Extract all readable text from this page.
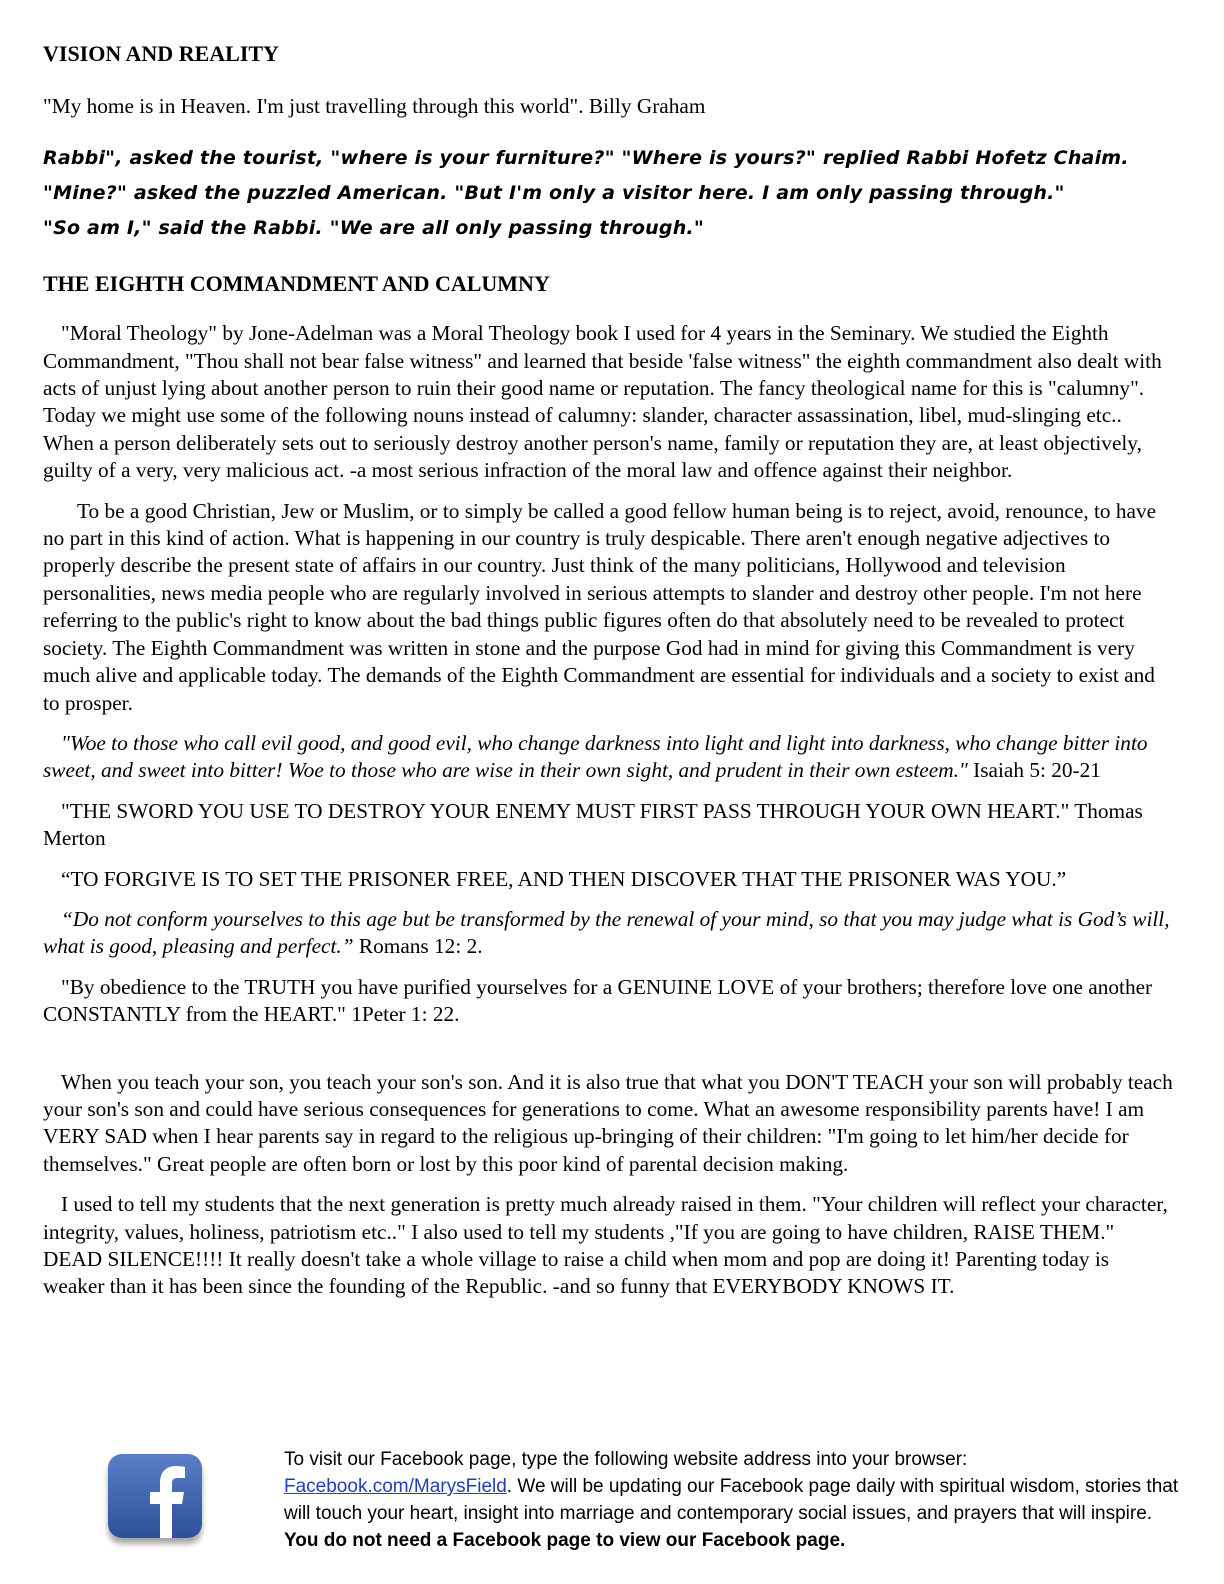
VISION AND REALITY

"My home is in Heaven. I'm just travelling through this world". Billy Graham

Rabbi", asked the tourist, "where is your furniture?" "Where is yours?" replied Rabbi Hofetz Chaim.
"Mine?" asked the puzzled American. "But I'm only a visitor here. I am only passing through."
"So am I," said the Rabbi. "We are all only passing through."
THE EIGHTH COMMANDMENT AND CALUMNY

"Moral Theology" by Jone-Adelman was a Moral Theology book I used for 4 years in the Seminary. We studied the Eighth Commandment, "Thou shall not bear false witness" and learned that beside 'false witness" the eighth commandment also dealt with acts of unjust lying about another person to ruin their good name or reputation. The fancy theological name for this is "calumny". Today we might use some of the following nouns instead of calumny: slander, character assassination, libel, mud-slinging etc.. When a person deliberately sets out to seriously destroy another person's name, family or reputation they are, at least objectively, guilty of a very, very malicious act. -a most serious infraction of the moral law and offence against their neighbor.

To be a good Christian, Jew or Muslim, or to simply be called a good fellow human being is to reject, avoid, renounce, to have no part in this kind of action. What is happening in our country is truly despicable. There aren't enough negative adjectives to properly describe the present state of affairs in our country. Just think of the many politicians, Hollywood and television personalities, news media people who are regularly involved in serious attempts to slander and destroy other people. I'm not here referring to the public's right to know about the bad things public figures often do that absolutely need to be revealed to protect society. The Eighth Commandment was written in stone and the purpose God had in mind for giving this Commandment is very much alive and applicable today. The demands of the Eighth Commandment are essential for individuals and a society to exist and to prosper.

"Woe to those who call evil good, and good evil, who change darkness into light and light into darkness, who change bitter into sweet, and sweet into bitter! Woe to those who are wise in their own sight, and prudent in their own esteem." Isaiah 5: 20-21

"THE SWORD YOU USE TO DESTROY YOUR ENEMY MUST FIRST PASS THROUGH YOUR OWN HEART." Thomas Merton

“TO FORGIVE IS TO SET THE PRISONER FREE, AND THEN DISCOVER THAT THE PRISONER WAS YOU.”

“Do not conform yourselves to this age but be transformed by the renewal of your mind, so that you may judge what is God’s will, what is good, pleasing and perfect.” Romans 12: 2.

"By obedience to the TRUTH you have purified yourselves for a GENUINE LOVE of your brothers; therefore love one another CONSTANTLY from the HEART." 1Peter 1: 22.

When you teach your son, you teach your son's son. And it is also true that what you DON'T TEACH your son will probably teach your son's son and could have serious consequences for generations to come. What an awesome responsibility parents have! I am VERY SAD when I hear parents say in regard to the religious up-bringing of their children: "I'm going to let him/her decide for themselves." Great people are often born or lost by this poor kind of parental decision making.

I used to tell my students that the next generation is pretty much already raised in them. "Your children will reflect your character, integrity, values, holiness, patriotism etc.." I also used to tell my students ,"If you are going to have children, RAISE THEM." DEAD SILENCE!!!! It really doesn't take a whole village to raise a child when mom and pop are doing it! Parenting today is weaker than it has been since the founding of the Republic. -and so funny that EVERYBODY KNOWS IT.

To visit our Facebook page, type the following website address into your browser:
Facebook.com/MarysField. We will be updating our Facebook page daily with spiritual wisdom, stories that will touch your heart, insight into marriage and contemporary social issues, and prayers that will inspire. You do not need a Facebook page to view our Facebook page.
